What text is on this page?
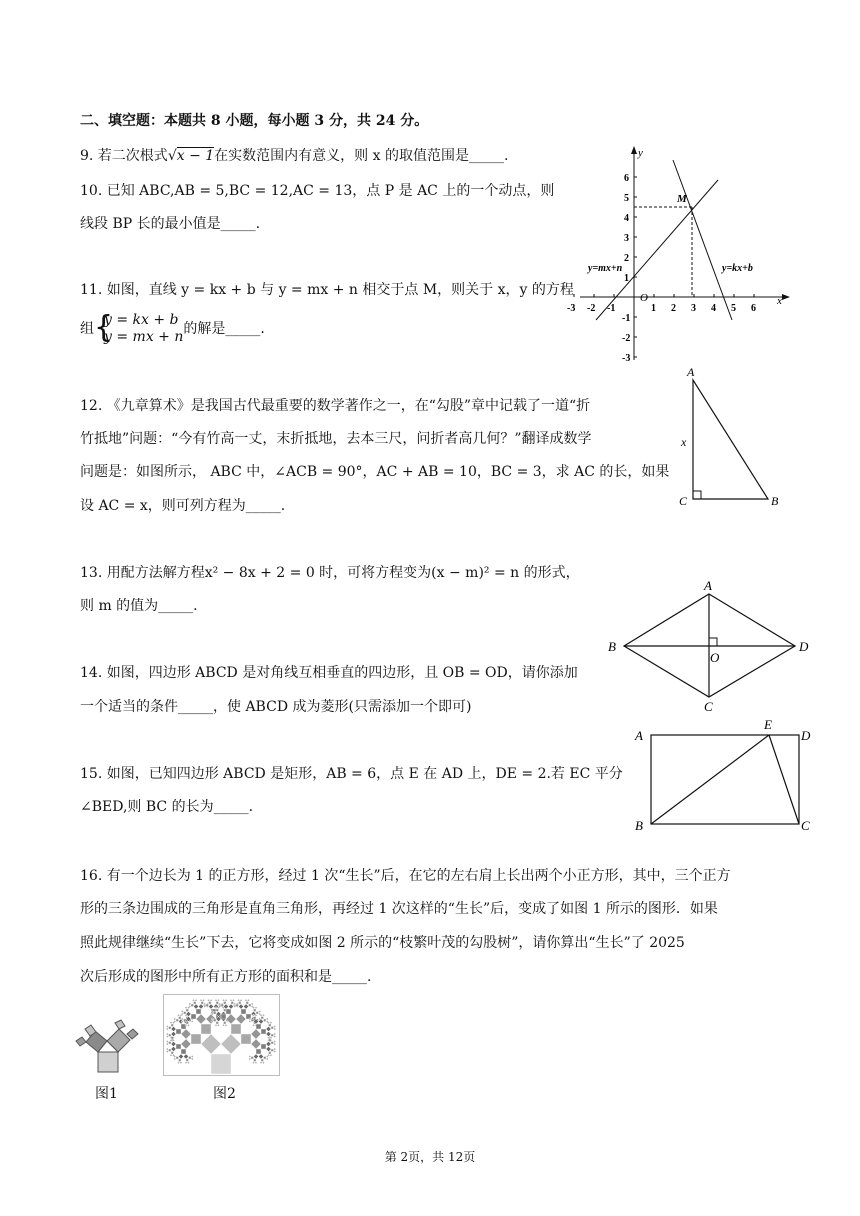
二、填空题：本题共 8 小题，每小题 3 分，共 24 分。
9. 若二次根式√x − 1在实数范围内有意义，则 x 的取值范围是_____.
10. 已知 ABC,AB = 5,BC = 12,AC = 13，点 P 是 AC 上的一个动点，则
线段 BP 长的最小值是_____.
11. 如图，直线 y = kx + b 与 y = mx + n 相交于点 M，则关于 x，y 的方程
组
{ y = kx + b
y = mx + n 的解是_____.
12. 《九章算术》是我国古代最重要的数学著作之一，在“勾股”章中记载了一道“折
竹抵地”问题：“今有竹高一丈，末折抵地，去本三尺，问折者高几何？”翻译成数学
问题是：如图所示， ABC 中，∠ACB = 90°，AC + AB = 10，BC = 3，求 AC 的长，如果
设 AC = x，则可列方程为_____.
13. 用配方法解方程x² − 8x + 2 = 0 时，可将方程变为(x − m)² = n 的形式，
则 m 的值为_____.
14. 如图，四边形 ABCD 是对角线互相垂直的四边形，且 OB = OD，请你添加
一个适当的条件_____，使 ABCD 成为菱形(只需添加一个即可)
15. 如图，已知四边形 ABCD 是矩形，AB = 6，点 E 在 AD 上，DE = 2.若 EC 平分
∠BED,则 BC 的长为_____.
16. 有一个边长为 1 的正方形，经过 1 次“生长”后，在它的左右肩上长出两个小正方形，其中，三个正方
形的三条边围成的三角形是直角三角形，再经过 1 次这样的“生长”后，变成了如图 1 所示的图形．如果
照此规律继续“生长”下去，它将变成如图 2 所示的“枝繁叶茂的勾股树”，请你算出“生长”了 2025
次后形成的图形中所有正方形的面积和是_____.
x
y
O
-3 -2 -1	1 2 3 4 5 6
6
5
4
3
2
1
-1
-2
-3
M
y=mx+n	y=kx+b
A
C	B
x
A
B	D
C
O
A
B	C
D
E
图1	图2
第 2页，共 12页
